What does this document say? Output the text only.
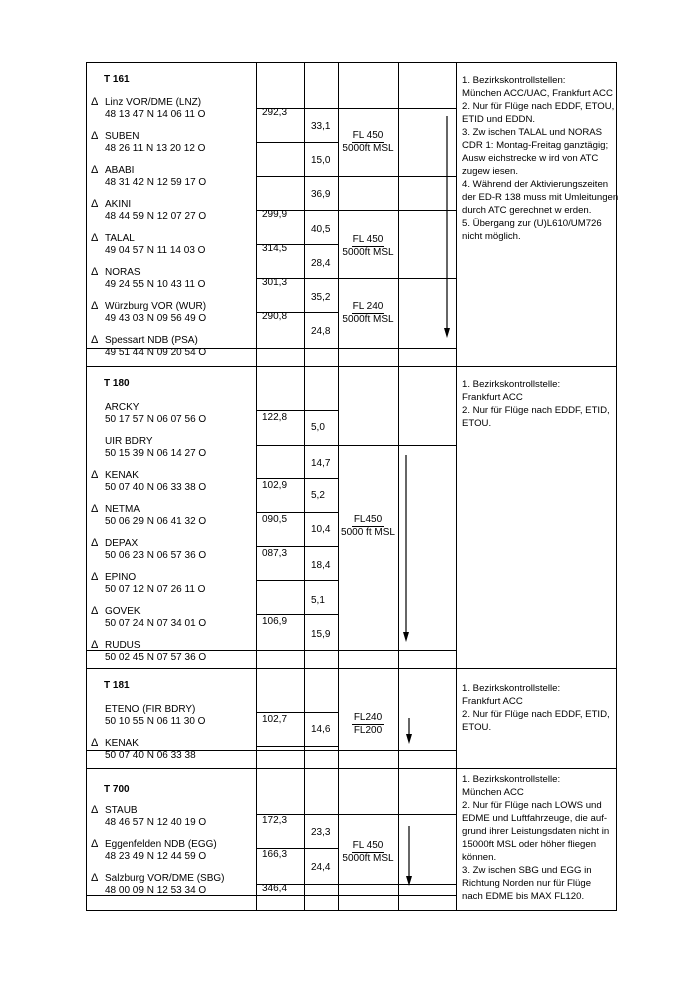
T 161
Δ Linz VOR/DME (LNZ)
48 13 47 N 14 06 11 O
Δ SUBEN
48 26 11 N 13 20 12 O
Δ ABABI
48 31 42 N 12 59 17 O
Δ AKINI
48 44 59 N 12 07 27 O
Δ TALAL
49 04 57 N 11 14 03 O
Δ NORAS
49 24 55 N 10 43 11 O
Δ Würzburg VOR (WUR)
49 43 03 N 09 56 49 O
Δ Spessart NDB (PSA)
49 51 44 N 09 20 54 O
292,3
299,9
314,5
301,3
290,8
33,1
15,0
36,9
40,5
28,4
35,2
24,8
FL 450
5000ft MSL
FL 450
5000ft MSL
FL 240
5000ft MSL
1. Bezirkskontrollstellen:
München ACC/UAC, Frankfurt ACC
2. Nur für Flüge nach EDDF, ETOU,
ETID und EDDN.
3. Zw ischen TALAL und NORAS
CDR 1: Montag-Freitag ganztägig;
Ausw eichstrecke w ird von ATC
zugew iesen.
4. Während der Aktivierungszeiten
der ED-R 138 muss mit Umleitungen
durch ATC gerechnet w erden.
5. Übergang zur (U)L610/UM726
nicht möglich.
T 180
ARCKY
50 17 57 N 06 07 56 O
UIR BDRY
50 15 39 N 06 14 27 O
Δ KENAK
50 07 40 N 06 33 38 O
Δ NETMA
50 06 29 N 06 41 32 O
Δ DEPAX
50 06 23 N 06 57 36 O
Δ EPINO
50 07 12 N 07 26 11 O
Δ GOVEK
50 07 24 N 07 34 01 O
Δ RUDUS
50 02 45 N 07 57 36 O
122,8
102,9
090,5
087,3
106,9
5,0
14,7
5,2
10,4
18,4
5,1
15,9
FL450
5000 ft MSL
1. Bezirkskontrollstelle:
Frankfurt ACC
2. Nur für Flüge nach EDDF, ETID,
ETOU.
T 181
ETENO (FIR BDRY)
50 10 55 N 06 11 30 O
Δ KENAK
50 07 40 N 06 33 38
102,7
14,6
FL240
FL200
1. Bezirkskontrollstelle:
Frankfurt ACC
2. Nur für Flüge nach EDDF, ETID,
ETOU.
T 700
Δ STAUB
48 46 57 N 12 40 19 O
Δ Eggenfelden NDB (EGG)
48 23 49 N 12 44 59 O
Δ Salzburg VOR/DME (SBG)
48 00 09 N 12 53 34 O
172,3
166,3
346,4
23,3
24,4
FL 450
5000ft MSL
1. Bezirkskontrollstelle:
München ACC
2. Nur für Flüge nach LOWS und
EDME und Luftfahrzeuge, die auf-
grund ihrer Leistungsdaten nicht in
15000ft MSL oder höher fliegen
können.
3. Zw ischen SBG und EGG in
Richtung Norden nur für Flüge
nach EDME bis MAX FL120.
